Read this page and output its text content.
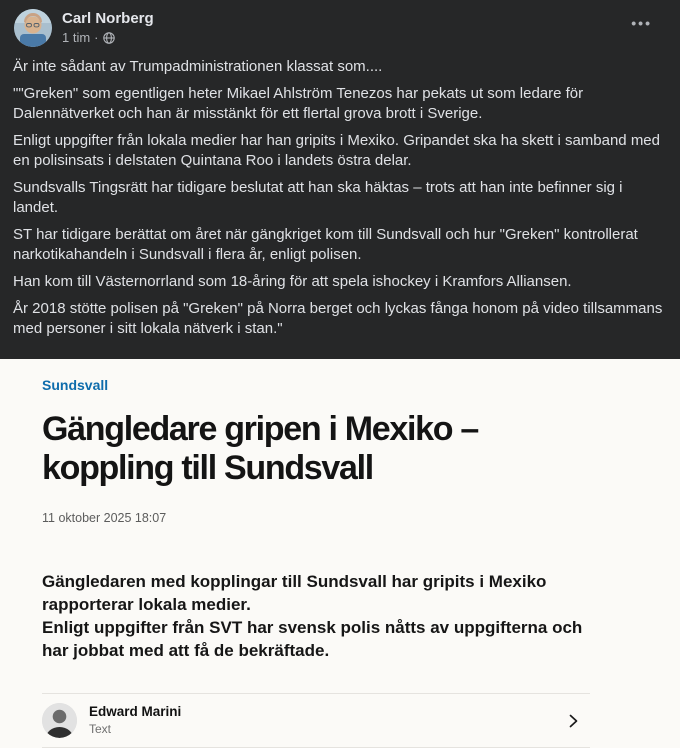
Carl Norberg
1 tim ·
•••

Är inte sådant av Trumpadministrationen klassat som....

""Greken" som egentligen heter Mikael Ahlström Tenezos har pekats ut som ledare för Dalennätverket och han är misstänkt för ett flertal grova brott i Sverige.

Enligt uppgifter från lokala medier har han gripits i Mexiko. Gripandet ska ha skett i samband med en polisinsats i delstaten Quintana Roo i landets östra delar.

Sundsvalls Tingsrätt har tidigare beslutat att han ska häktas – trots att han inte befinner sig i landet.

ST har tidigare berättat om året när gängkriget kom till Sundsvall och hur "Greken" kontrollerat narkotikahandeln i Sundsvall i flera år, enligt polisen.

Han kom till Västernorrland som 18-åring för att spela ishockey i Kramfors Alliansen.

År 2018 stötte polisen på "Greken" på Norra berget och lyckas fånga honom på video tillsammans med personer i sitt lokala nätverk i stan."

Sundsvall
Gängledare gripen i Mexiko – koppling till Sundsvall
11 oktober 2025 18:07

Gängledaren med kopplingar till Sundsvall har gripits i Mexiko rapporterar lokala medier.

Enligt uppgifter från SVT har svensk polis nåtts av uppgifterna och har jobbat med att få de bekräftade.

Edward Marini
Text
